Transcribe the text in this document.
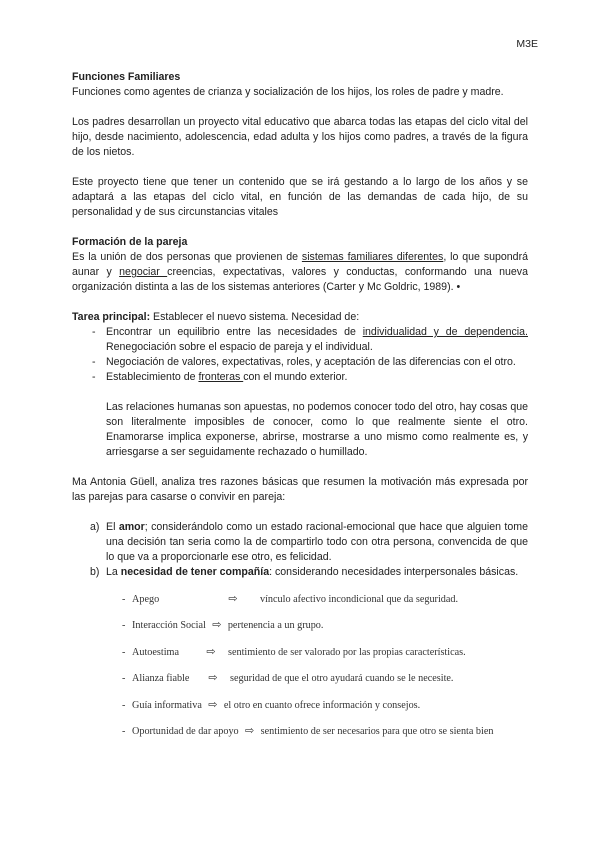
M3E

Funciones Familiares

Funciones como agentes de crianza y socialización de los hijos, los roles de padre y madre.

Los padres desarrollan un proyecto vital educativo que abarca todas las etapas del ciclo vital del hijo, desde nacimiento, adolescencia, edad adulta y los hijos como padres, a través de la figura de los nietos.

Este proyecto tiene que tener un contenido que se irá gestando a lo largo de los años y se adaptará a las etapas del ciclo vital, en función de las demandas de cada hijo, de su personalidad y de sus circunstancias vitales

Formación de la pareja

Es la unión de dos personas que provienen de sistemas familiares diferentes, lo que supondrá aunar y negociar creencias, expectativas, valores y conductas, conformando una nueva organización distinta a las de los sistemas anteriores (Carter y Mc Goldric, 1989). •

Tarea principal: Establecer el nuevo sistema. Necesidad de:

- Encontrar un equilibrio entre las necesidades de individualidad y de dependencia. Renegociación sobre el espacio de pareja y el individual.
- Negociación de valores, expectativas, roles, y aceptación de las diferencias con el otro.
- Establecimiento de fronteras con el mundo exterior.

Las relaciones humanas son apuestas, no podemos conocer todo del otro, hay cosas que son literalmente imposibles de conocer, como lo que realmente siente el otro. Enamorarse implica exponerse, abrirse, mostrarse a uno mismo como realmente es, y arriesgarse a ser seguidamente rechazado o humillado.

Ma Antonia Güell, analiza tres razones básicas que resumen la motivación más expresada por las parejas para casarse o convivir en pareja:

a) El amor; considerándolo como un estado racional-emocional que hace que alguien tome una decisión tan seria como la de compartirlo todo con otra persona, convencida de que lo que va a proporcionarle ese otro, es felicidad.
b) La necesidad de tener compañía: considerando necesidades interpersonales básicas.
- Apego	⇨	vínculo afectivo incondicional que da seguridad.
- Interacción Social ⇨ pertenencia a un grupo.
- Autoestima	⇨	sentimiento de ser valorado por las propias características.
- Alianza fiable	⇨	seguridad de que el otro ayudará cuando se le necesite.
- Guía informativa ⇨ el otro en cuanto ofrece información y consejos.
- Oportunidad de dar apoyo ⇨ sentimiento de ser necesarios para que otro se sienta bien
